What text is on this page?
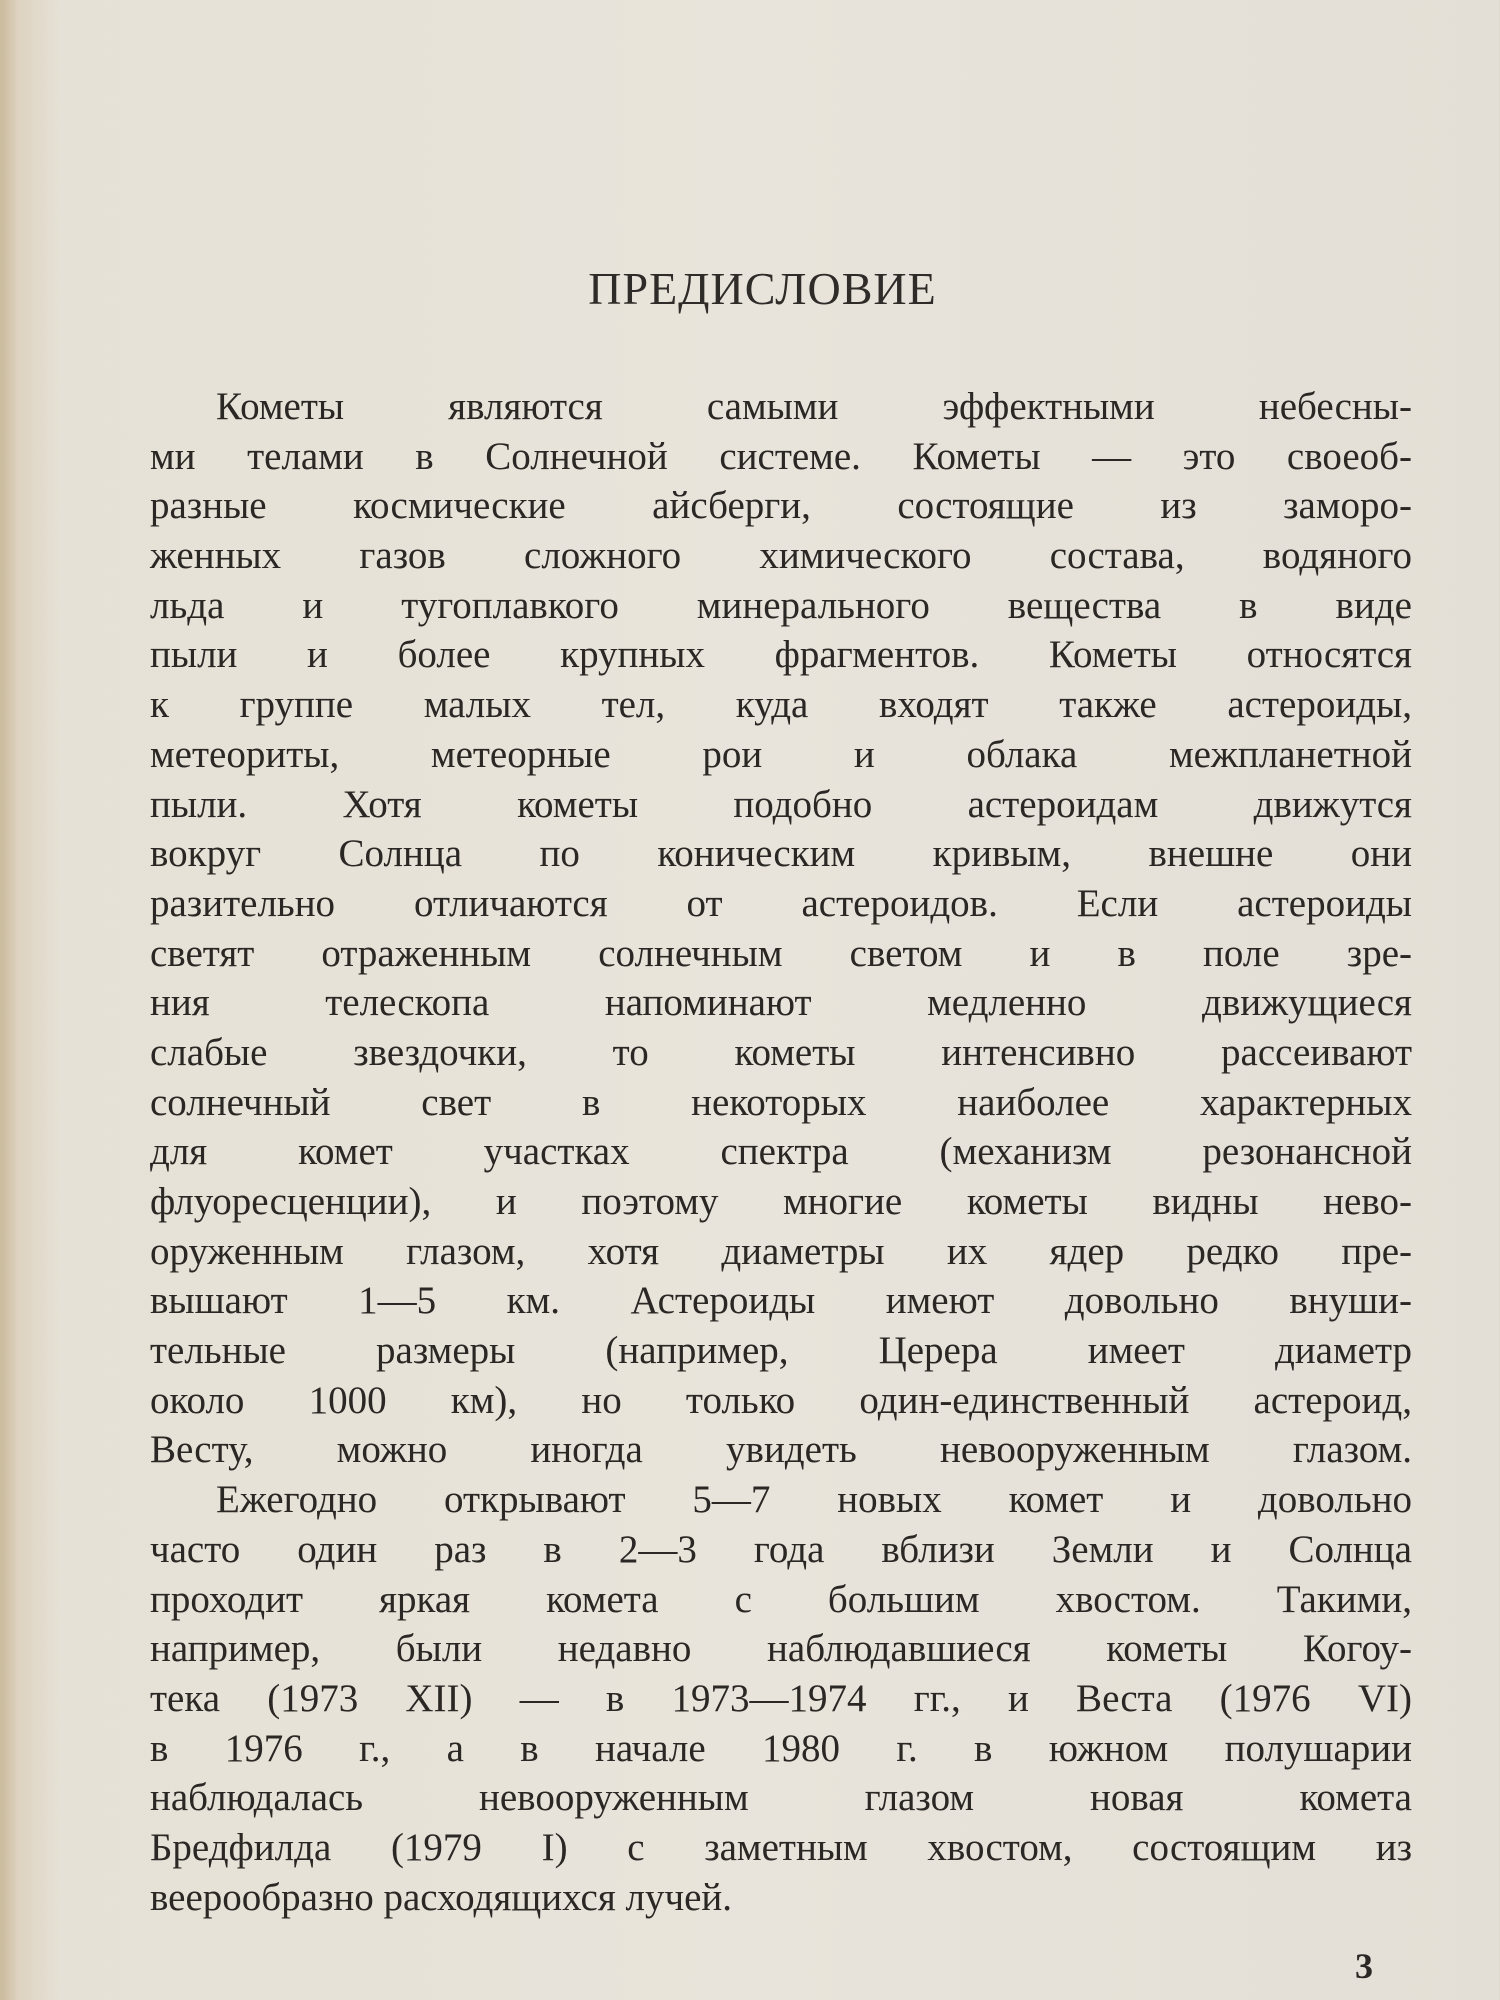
ПРЕДИСЛОВИЕ
Кометы являются самыми эффектными небесны-
ми телами в Солнечной системе. Кометы — это своеоб-
разные космические айсберги, состоящие из заморо-
женных газов сложного химического состава, водяного
льда и тугоплавкого минерального вещества в виде
пыли и более крупных фрагментов. Кометы относятся
к группе малых тел, куда входят также астероиды,
метеориты, метеорные рои и облака межпланетной
пыли. Хотя кометы подобно астероидам движутся
вокруг Солнца по коническим кривым, внешне они
разительно отличаются от астероидов. Если астероиды
светят отраженным солнечным светом и в поле зре-
ния телескопа напоминают медленно движущиеся
слабые звездочки, то кометы интенсивно рассеивают
солнечный свет в некоторых наиболее характерных
для комет участках спектра (механизм резонансной
флуоресценции), и поэтому многие кометы видны нево-
оруженным глазом, хотя диаметры их ядер редко пре-
вышают 1—5 км. Астероиды имеют довольно внуши-
тельные размеры (например, Церера имеет диаметр
около 1000 км), но только один-единственный астероид,
Весту, можно иногда увидеть невооруженным глазом.
Ежегодно открывают 5—7 новых комет и довольно
часто один раз в 2—3 года вблизи Земли и Солнца
проходит яркая комета с большим хвостом. Такими,
например, были недавно наблюдавшиеся кометы Когоу-
тека (1973 XII) — в 1973—1974 гг., и Веста (1976 VI)
в 1976 г., а в начале 1980 г. в южном полушарии
наблюдалась невооруженным глазом новая комета
Бредфилда (1979 I) с заметным хвостом, состоящим из
веерообразно расходящихся лучей.
3
